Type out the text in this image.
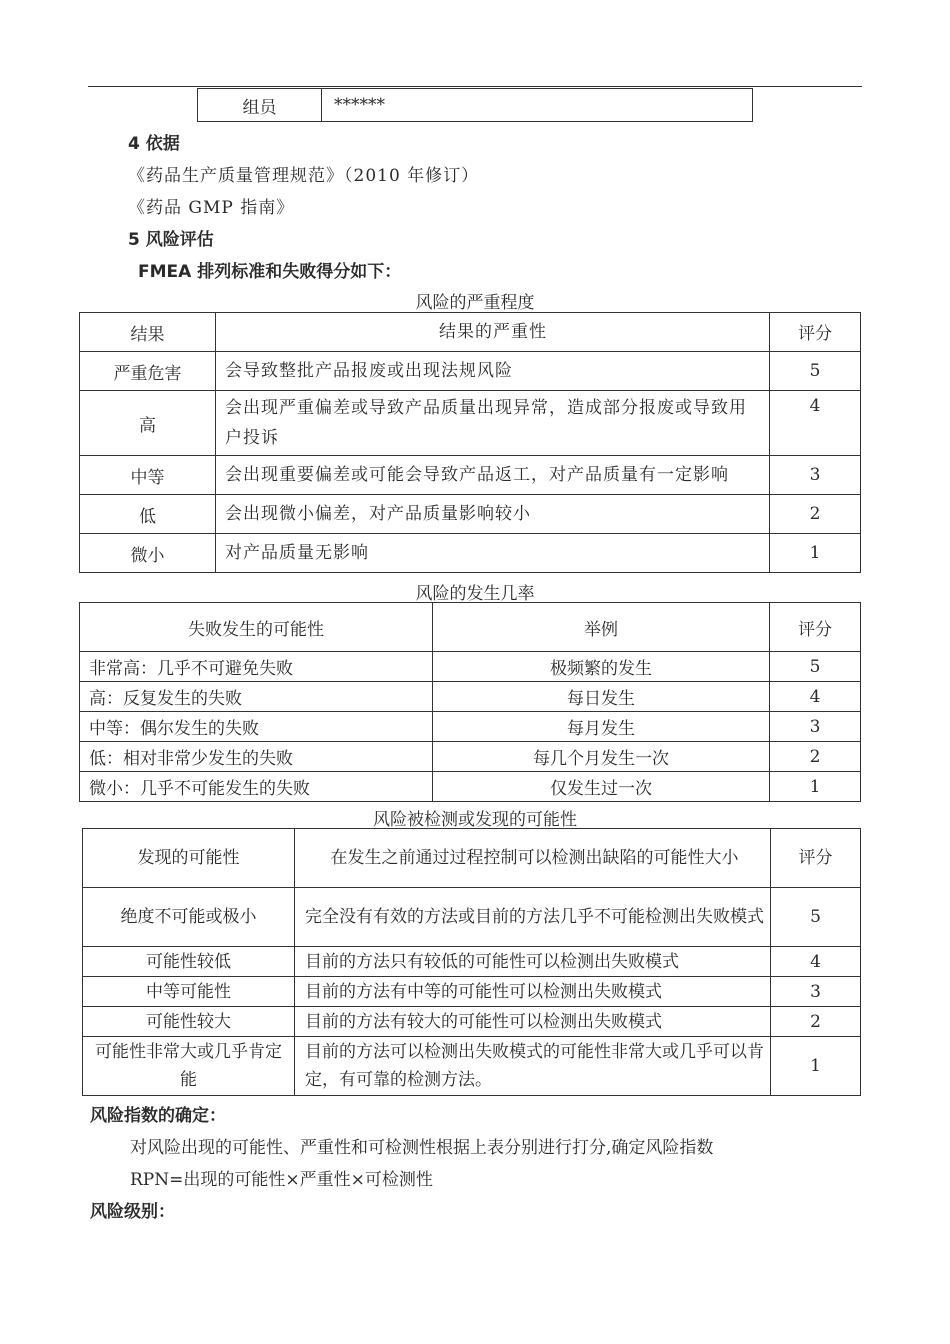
组员	******
4 依据
《药品生产质量管理规范》（2010 年修订）
《药品 GMP 指南》
5 风险评估
FMEA 排列标准和失败得分如下：
风险的严重程度
结果	结果的严重性	评分
严重危害	会导致整批产品报废或出现法规风险	5
高	会出现严重偏差或导致产品质量出现异常，造成部分报废或导致用户投诉	4
中等	会出现重要偏差或可能会导致产品返工，对产品质量有一定影响	3
低	会出现微小偏差，对产品质量影响较小	2
微小	对产品质量无影响	1
风险的发生几率
失败发生的可能性	举例	评分
非常高：几乎不可避免失败	极频繁的发生	5
高：反复发生的失败	每日发生	4
中等：偶尔发生的失败	每月发生	3
低：相对非常少发生的失败	每几个月发生一次	2
微小：几乎不可能发生的失败	仅发生过一次	1
风险被检测或发现的可能性
发现的可能性	在发生之前通过过程控制可以检测出缺陷的可能性大小	评分
绝度不可能或极小	完全没有有效的方法或目前的方法几乎不可能检测出失败模式	5
可能性较低	目前的方法只有较低的可能性可以检测出失败模式	4
中等可能性	目前的方法有中等的可能性可以检测出失败模式	3
可能性较大	目前的方法有较大的可能性可以检测出失败模式	2
可能性非常大或几乎肯定能	目前的方法可以检测出失败模式的可能性非常大或几乎可以肯定，有可靠的检测方法。	1
风险指数的确定：
对风险出现的可能性、严重性和可检测性根据上表分别进行打分,确定风险指数
RPN=出现的可能性×严重性×可检测性
风险级别：
